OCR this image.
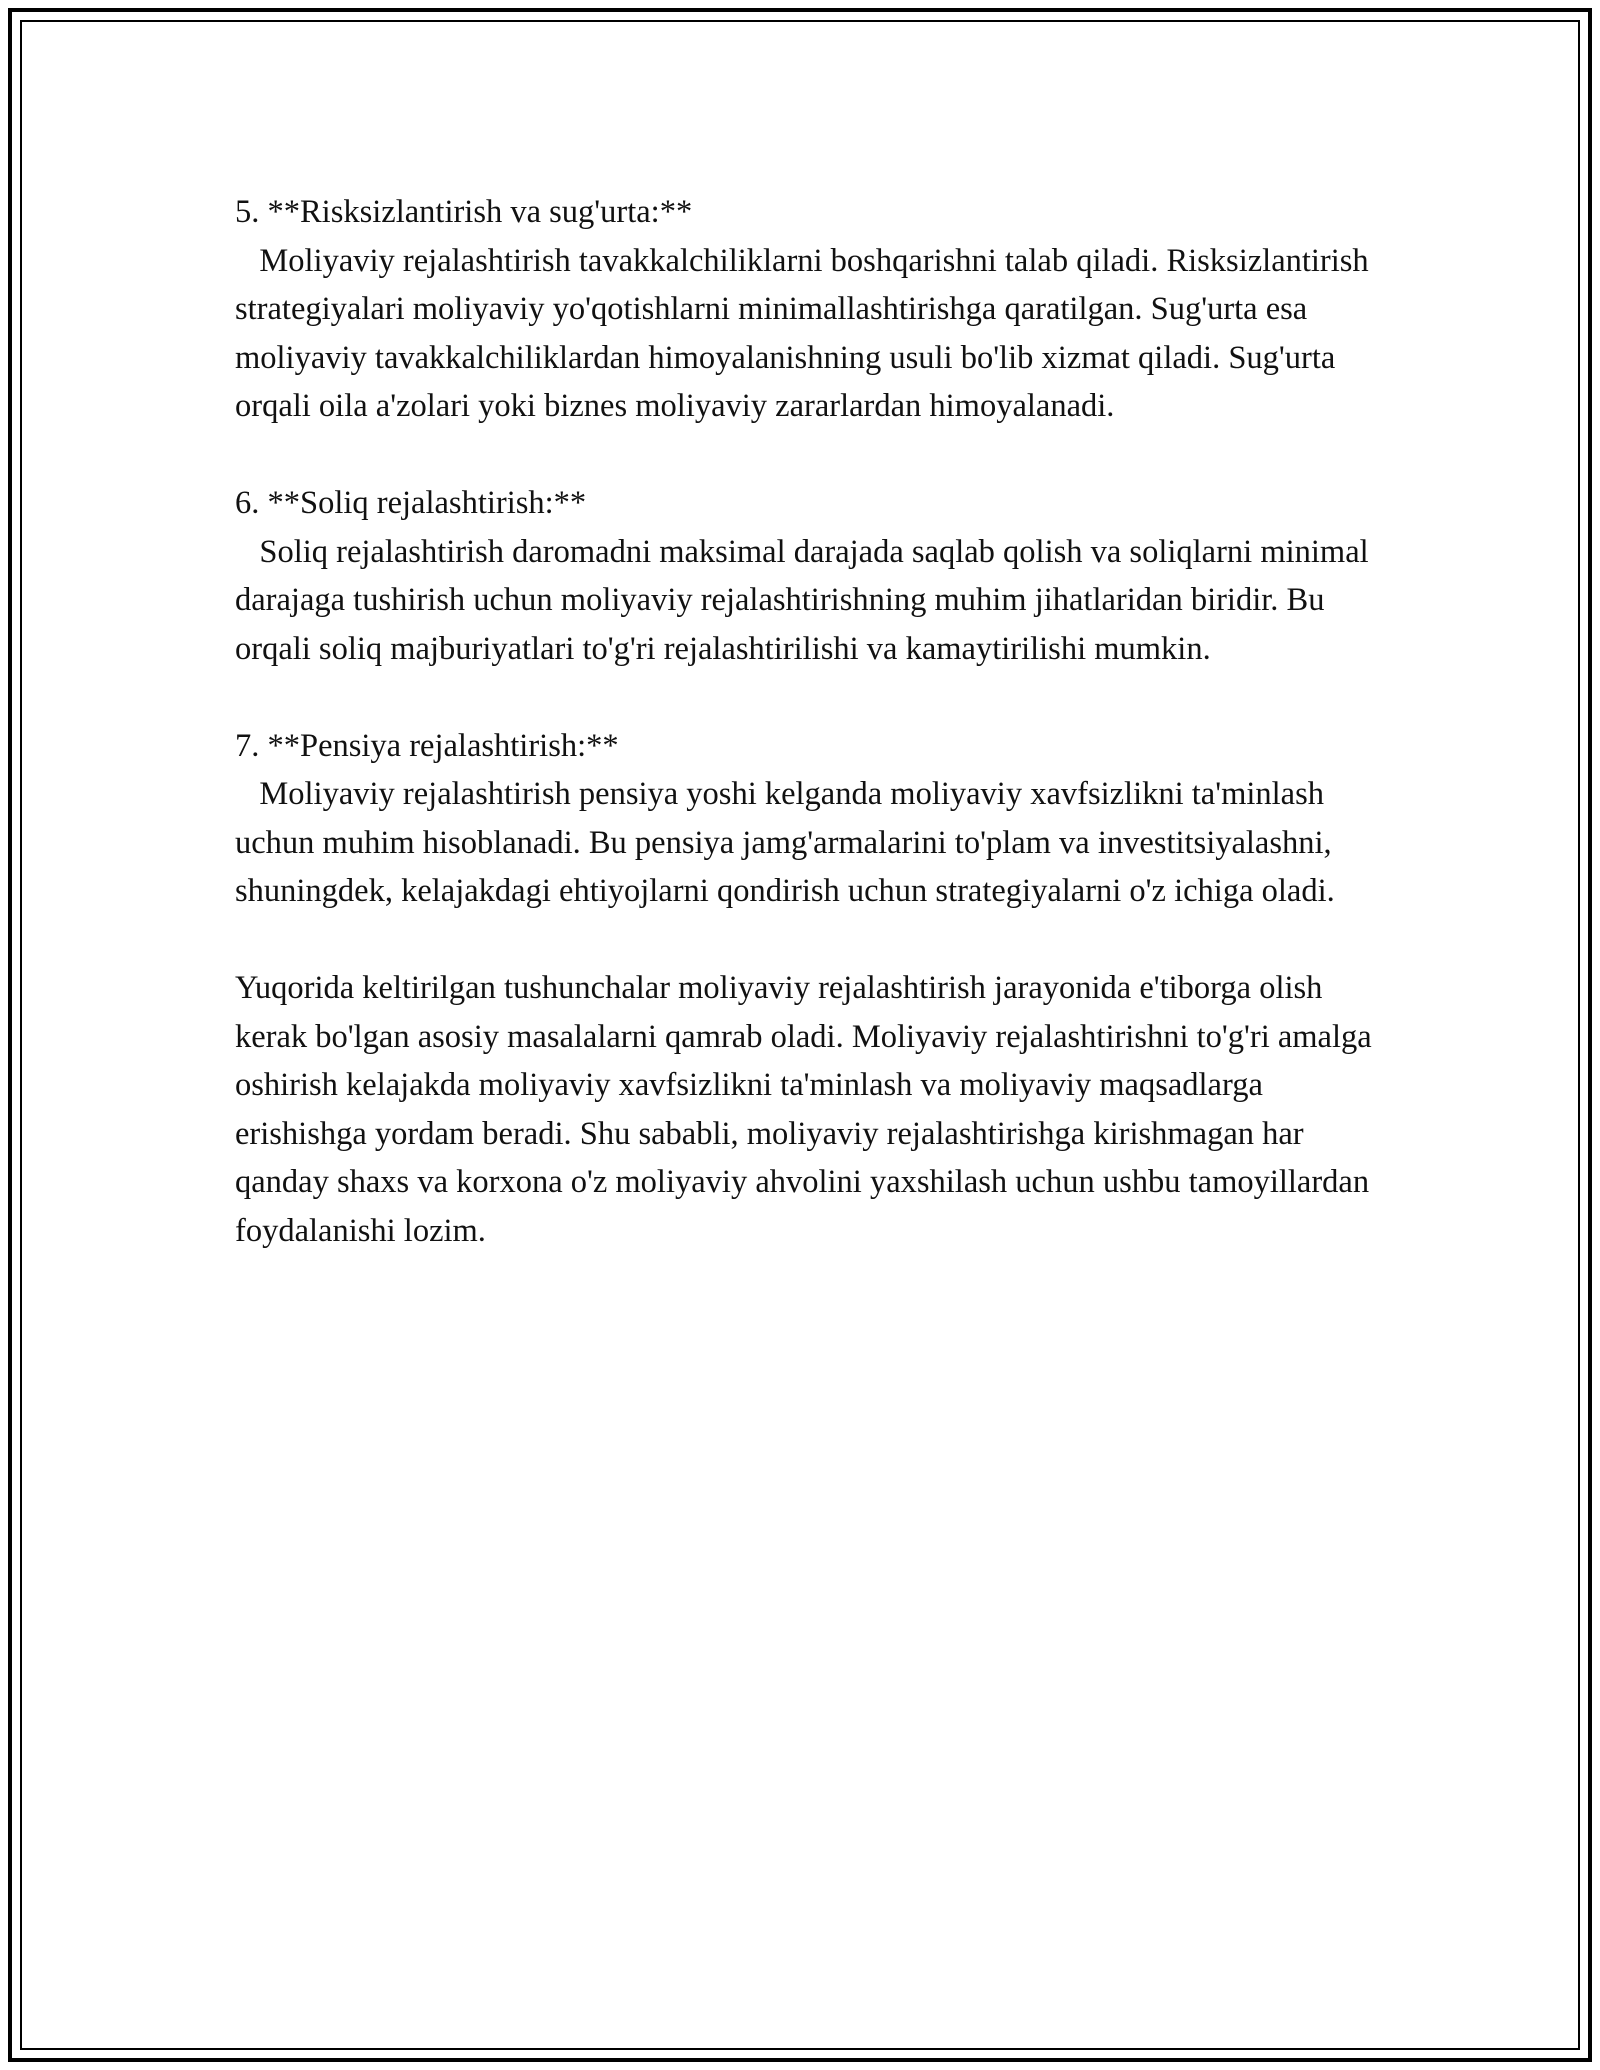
5. **Risksizlantirish va sug'urta:**
Moliyaviy rejalashtirish tavakkalchiliklarni boshqarishni talab qiladi. Risksizlantirish strategiyalari moliyaviy yo'qotishlarni minimallashtirishga qaratilgan. Sug'urta esa moliyaviy tavakkalchiliklardan himoyalanishning usuli bo'lib xizmat qiladi. Sug'urta orqali oila a'zolari yoki biznes moliyaviy zararlardan himoyalanadi.
6. **Soliq rejalashtirish:**
Soliq rejalashtirish daromadni maksimal darajada saqlab qolish va soliqlarni minimal darajaga tushirish uchun moliyaviy rejalashtirishning muhim jihatlaridan biridir. Bu orqali soliq majburiyatlari to'g'ri rejalashtirilishi va kamaytirilishi mumkin.
7. **Pensiya rejalashtirish:**
Moliyaviy rejalashtirish pensiya yoshi kelganda moliyaviy xavfsizlikni ta'minlash uchun muhim hisoblanadi. Bu pensiya jamg'armalarini to'plam va investitsiyalashni, shuningdek, kelajakdagi ehtiyojlarni qondirish uchun strategiyalarni o'z ichiga oladi.

Yuqorida keltirilgan tushunchalar moliyaviy rejalashtirish jarayonida e'tiborga olish kerak bo'lgan asosiy masalalarni qamrab oladi. Moliyaviy rejalashtirishni to'g'ri amalga oshirish kelajakda moliyaviy xavfsizlikni ta'minlash va moliyaviy maqsadlarga erishishga yordam beradi. Shu sababli, moliyaviy rejalashtirishga kirishmagan har qanday shaxs va korxona o'z moliyaviy ahvolini yaxshilash uchun ushbu tamoyillardan foydalanishi lozim.
